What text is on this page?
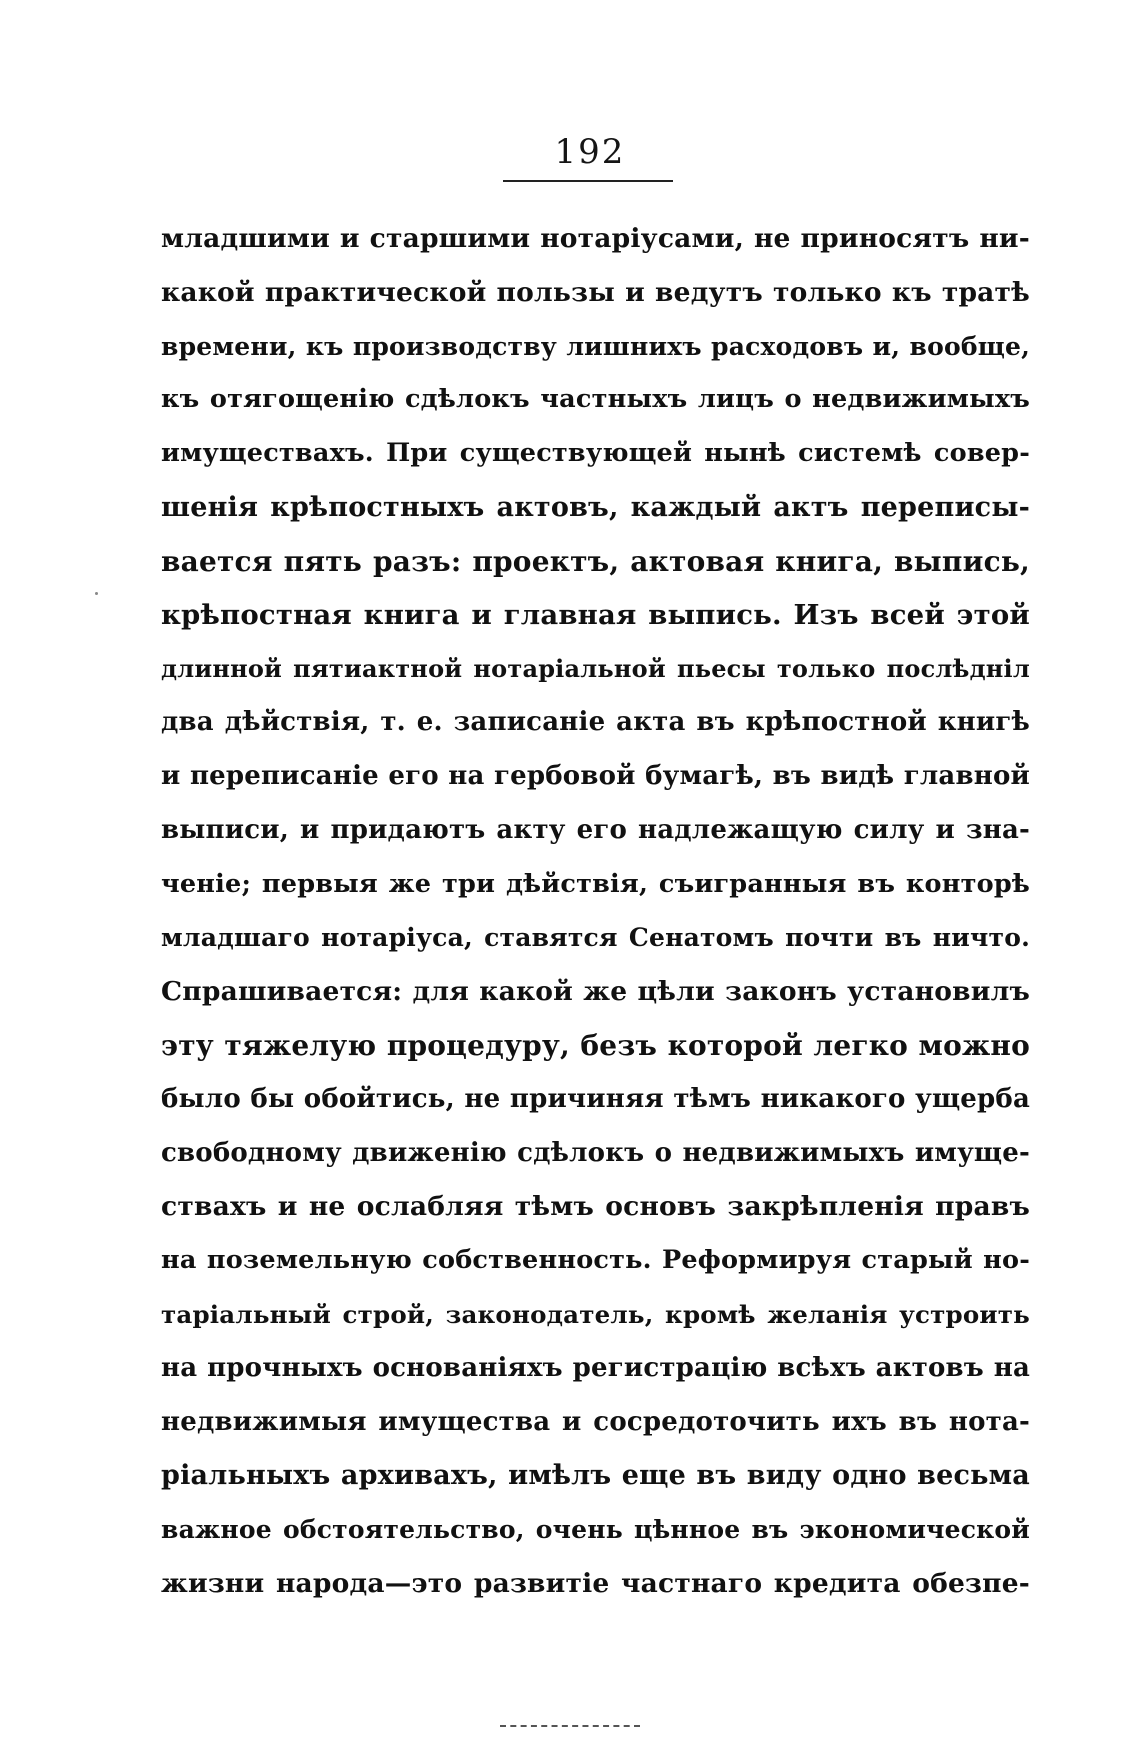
192
младшими и старшими нотаріусами, не приносятъ ни-
какой практической пользы и ведутъ только къ тратѣ
времени, къ производству лишнихъ расходовъ и, вообще,
къ отягощенію сдѣлокъ частныхъ лицъ о недвижимыхъ
имуществахъ. При существующей нынѣ системѣ совер-
шенія крѣпостныхъ актовъ, каждый актъ переписы-
вается пять разъ: проектъ, актовая книга, выпись,
крѣпостная книга и главная выпись. Изъ всей этой
длинной пятиактной нотаріальной пьесы только послѣдніл
два дѣйствія, т. е. записаніе акта въ крѣпостной книгѣ
и переписаніе его на гербовой бумагѣ, въ видѣ главной
выписи, и придаютъ акту его надлежащую силу и зна-
ченіе; первыя же три дѣйствія, съигранныя въ конторѣ
младшаго нотаріуса, ставятся Сенатомъ почти въ ничто.
Спрашивается: для какой же цѣли законъ установилъ
эту тяжелую процедуру, безъ которой легко можно
было бы обойтись, не причиняя тѣмъ никакого ущерба
свободному движенію сдѣлокъ о недвижимыхъ имуще-
ствахъ и не ослабляя тѣмъ основъ закрѣпленія правъ
на поземельную собственность. Реформируя старый но-
таріальный строй, законодатель, кромѣ желанія устроить
на прочныхъ основаніяхъ регистрацію всѣхъ актовъ на
недвижимыя имущества и сосредоточить ихъ въ нота-
ріальныхъ архивахъ, имѣлъ еще въ виду одно весьма
важное обстоятельство, очень цѣнное въ экономической
жизни народа—это развитіе частнаго кредита обезпе-
